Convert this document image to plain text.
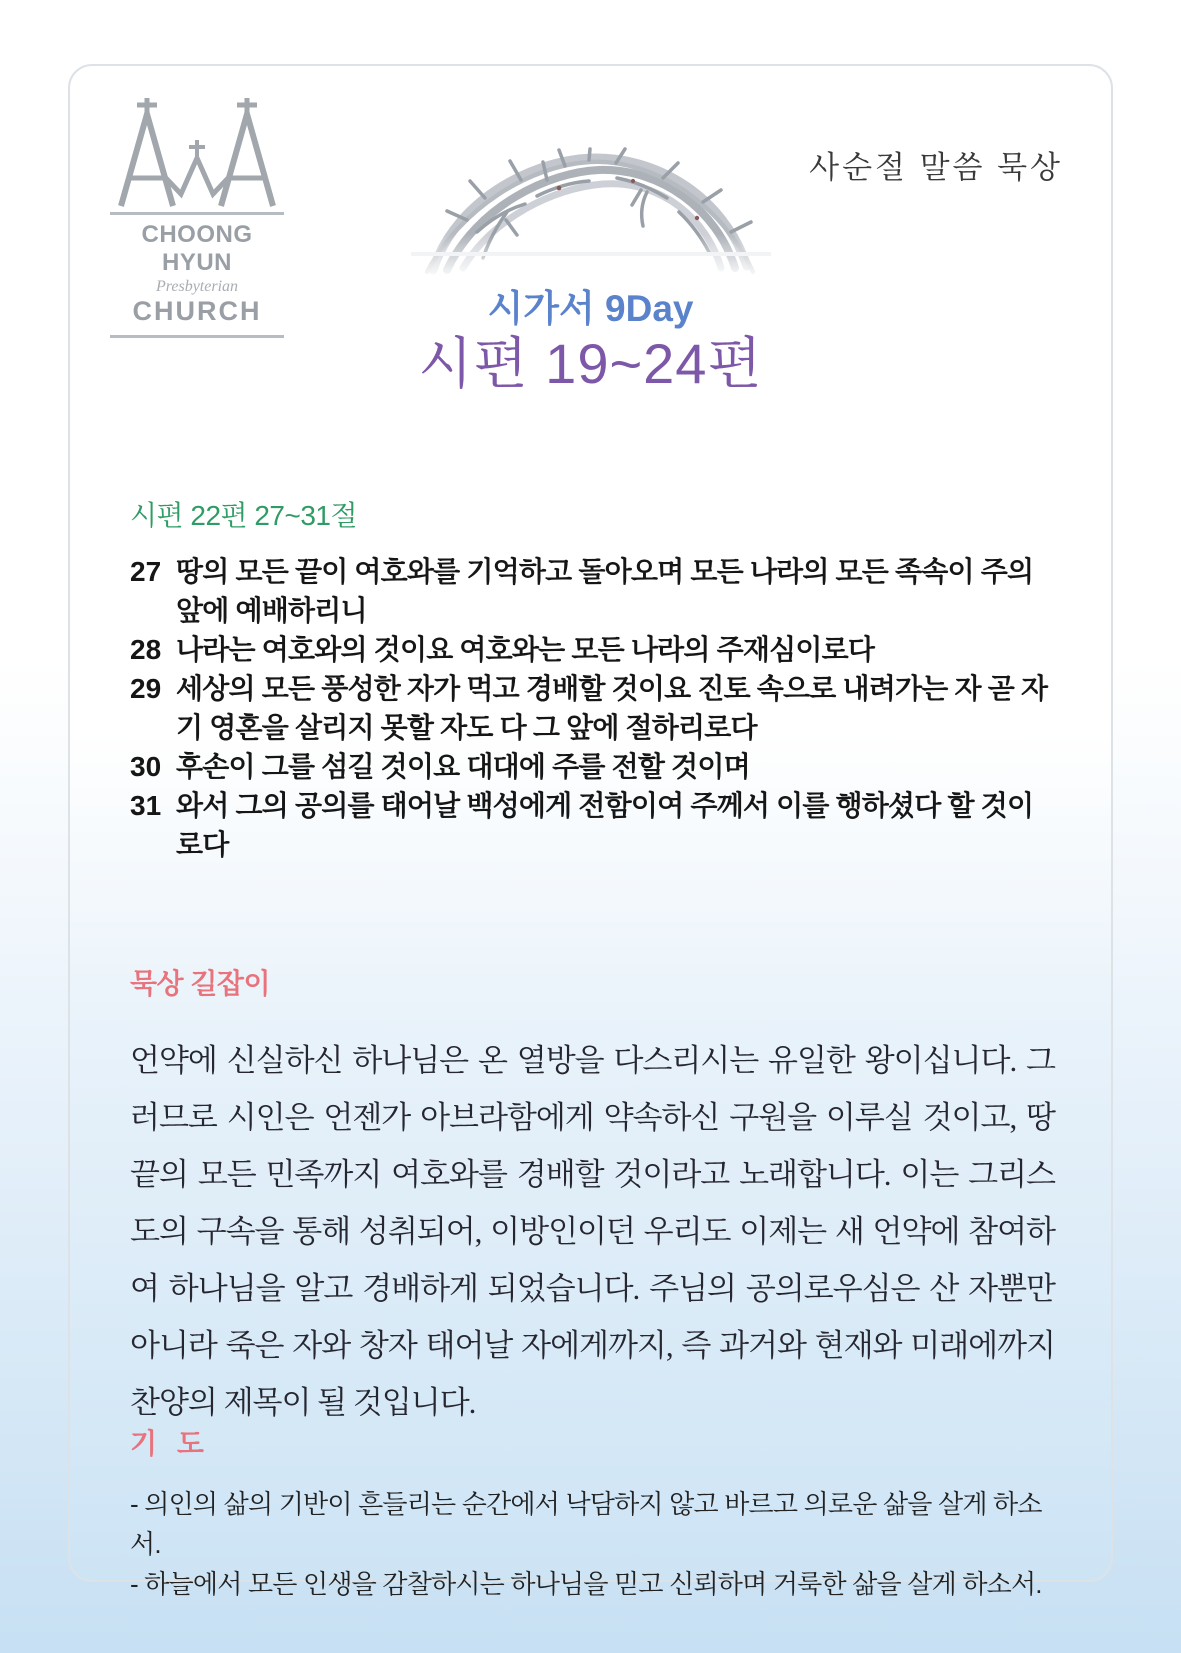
사순절 말씀 묵상
CHOONG HYUN
Presbyterian
CHURCH	시가서 9Day
시편 19~24편
시편 22편 27~31절
27 땅의 모든 끝이 여호와를 기억하고 돌아오며 모든 나라의 모든 족속이 주의 앞에 예배하리니
28 나라는 여호와의 것이요 여호와는 모든 나라의 주재심이로다
29 세상의 모든 풍성한 자가 먹고 경배할 것이요 진토 속으로 내려가는 자 곧 자기 영혼을 살리지 못할 자도 다 그 앞에 절하리로다
30 후손이 그를 섬길 것이요 대대에 주를 전할 것이며
31 와서 그의 공의를 태어날 백성에게 전함이여 주께서 이를 행하셨다 할 것이로다
묵상 길잡이
언약에 신실하신 하나님은 온 열방을 다스리시는 유일한 왕이십니다. 그러므로 시인은 언젠가 아브라함에게 약속하신 구원을 이루실 것이고, 땅 끝의 모든 민족까지 여호와를 경배할 것이라고 노래합니다. 이는 그리스도의 구속을 통해 성취되어, 이방인이던 우리도 이제는 새 언약에 참여하여 하나님을 알고 경배하게 되었습니다. 주님의 공의로우심은 산 자뿐만 아니라 죽은 자와 창자 태어날 자에게까지, 즉 과거와 현재와 미래에까지 찬양의 제목이 될 것입니다.
기 도
- 의인의 삶의 기반이 흔들리는 순간에서 낙담하지 않고 바르고 의로운 삶을 살게 하소서.
- 하늘에서 모든 인생을 감찰하시는 하나님을 믿고 신뢰하며 거룩한 삶을 살게 하소서.
